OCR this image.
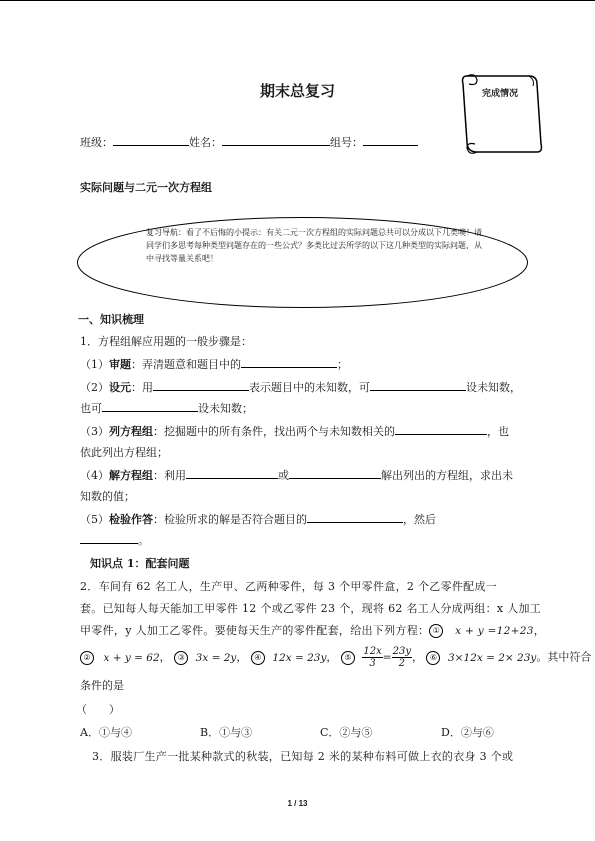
期末总复习	完成情况
班级：	姓名：	组号：
实际问题与二元一次方程组
复习导航：看了不后悔的小提示：有关二元一次方程组的实际问题总共可以分成以下几类噢！请同学们多思考每种类型问题存在的一些公式？多类比过去所学的以下这几种类型的实际问题，从中寻找等量关系吧！
一、知识梳理
1．方程组解应用题的一般步骤是：
（1）审题：弄清题意和题目中的	；
（2）设元：用	表示题目中的未知数，可	设未知数，
也可	设未知数；
（3）列方程组：挖掘题中的所有条件，找出两个与未知数相关的	，也
依此列出方程组；
（4）解方程组：利用	或	解出列出的方程组，求出未
知数的值；
（5）检验作答：检验所求的解是否符合题目的	，然后
。
知识点 1：配套问题
2．车间有 62 名工人，生产甲、乙两种零件，每 3 个甲零件盒，2 个乙零件配成一
套。已知每人每天能加工甲零件 12 个或乙零件 23 个，现将 62 名工人分成两组：x 人加工
甲零件，y 人加工乙零件。要使每天生产的零件配套，给出下列方程： ① x + y =12+23，
② x + y = 62， ③ 3x = 2y， ④ 12x = 23y， ⑤ $\frac{12x}{3} = \frac{23y}{2}$ ， ⑥ 3×12x = 2× 23y。其中符合
条件的是
（　　）
A．①与④	B．①与③	C．②与⑤	D．②与⑥
3．服装厂生产一批某种款式的秋装，已知每 2 米的某种布料可做上衣的衣身 3 个或
1 / 13
